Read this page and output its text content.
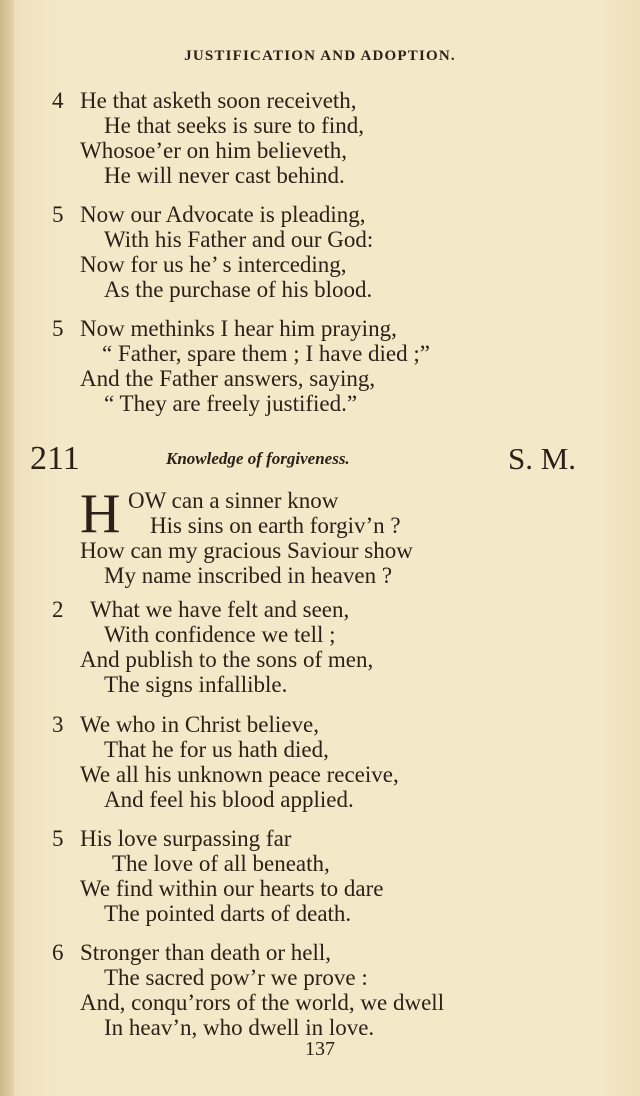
JUSTIFICATION AND ADOPTION.
4 He that asketh soon receiveth,
He that seeks is sure to find,
Whosoe’er on him believeth,
He will never cast behind.
5 Now our Advocate is pleading,
With his Father and our God:
Now for us he’ s interceding,
As the purchase of his blood.
5 Now methinks I hear him praying,
“ Father, spare them ; I have died ;”
And the Father answers, saying,
“ They are freely justified.”
211	Knowledge of forgiveness.	S. M.
H OW can a sinner know
His sins on earth forgiv’n ?
How can my gracious Saviour show
My name inscribed in heaven ?
2 What we have felt and seen,
With confidence we tell ;
And publish to the sons of men,
The signs infallible.
3 We who in Christ believe,
That he for us hath died,
We all his unknown peace receive,
And feel his blood applied.
5 His love surpassing far
The love of all beneath,
We find within our hearts to dare
The pointed darts of death.
6 Stronger than death or hell,
The sacred pow’r we prove :
And, conqu’rors of the world, we dwell
In heav’n, who dwell in love.
137
